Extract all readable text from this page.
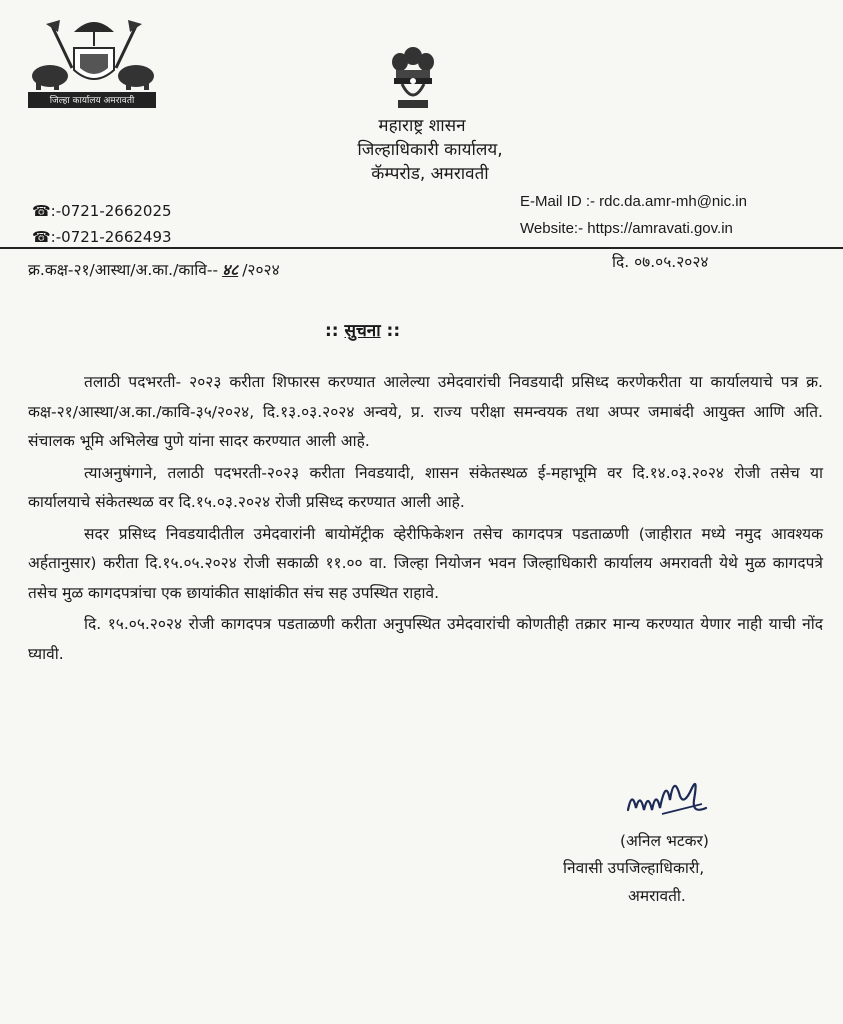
जिल्हा कार्यालय अमरावती
महाराष्ट्र शासन
जिल्हाधिकारी कार्यालय,
कॅम्परोड, अमरावती
☎:-0721-2662025
☎:-0721-2662493
E-Mail ID :- rdc.da.amr-mh@nic.in
Website:- https://amravati.gov.in
क्र.कक्ष-२१/आस्था/अ.का./कावि-- ४८ /२०२४	दि. ०७.०५.२०२४
:: सुचना ::

तलाठी पदभरती- २०२३ करीता शिफारस करण्यात आलेल्या उमेदवारांची निवडयादी प्रसिध्द करणेकरीता या कार्यालयाचे पत्र क्र. कक्ष-२१/आस्था/अ.का./कावि-३५/२०२४, दि.१३.०३.२०२४ अन्वये, प्र. राज्य परीक्षा समन्वयक तथा अप्पर जमाबंदी आयुक्त आणि अति. संचालक भूमि अभिलेख पुणे यांना सादर करण्यात आली आहे.

त्याअनुषंगाने, तलाठी पदभरती-२०२३ करीता निवडयादी, शासन संकेतस्थळ ई-महाभूमि वर दि.१४.०३.२०२४ रोजी तसेच या कार्यालयाचे संकेतस्थळ वर दि.१५.०३.२०२४ रोजी प्रसिध्द करण्यात आली आहे.

सदर प्रसिध्द निवडयादीतील उमेदवारांनी बायोमॅट्रीक व्हेरीफिकेशन तसेच कागदपत्र पडताळणी (जाहीरात मध्ये नमुद आवश्यक अर्हतानुसार) करीता दि.१५.०५.२०२४ रोजी सकाळी ११.०० वा. जिल्हा नियोजन भवन जिल्हाधिकारी कार्यालय अमरावती येथे मुळ कागदपत्रे तसेच मुळ कागदपत्रांचा एक छायांकीत साक्षांकीत संच सह उपस्थित राहावे.

दि. १५.०५.२०२४ रोजी कागदपत्र पडताळणी करीता अनुपस्थित उमेदवारांची कोणतीही तक्रार मान्य करण्यात येणार नाही याची नोंद घ्यावी.

(अनिल भटकर)
निवासी उपजिल्हाधिकारी,
अमरावती.
